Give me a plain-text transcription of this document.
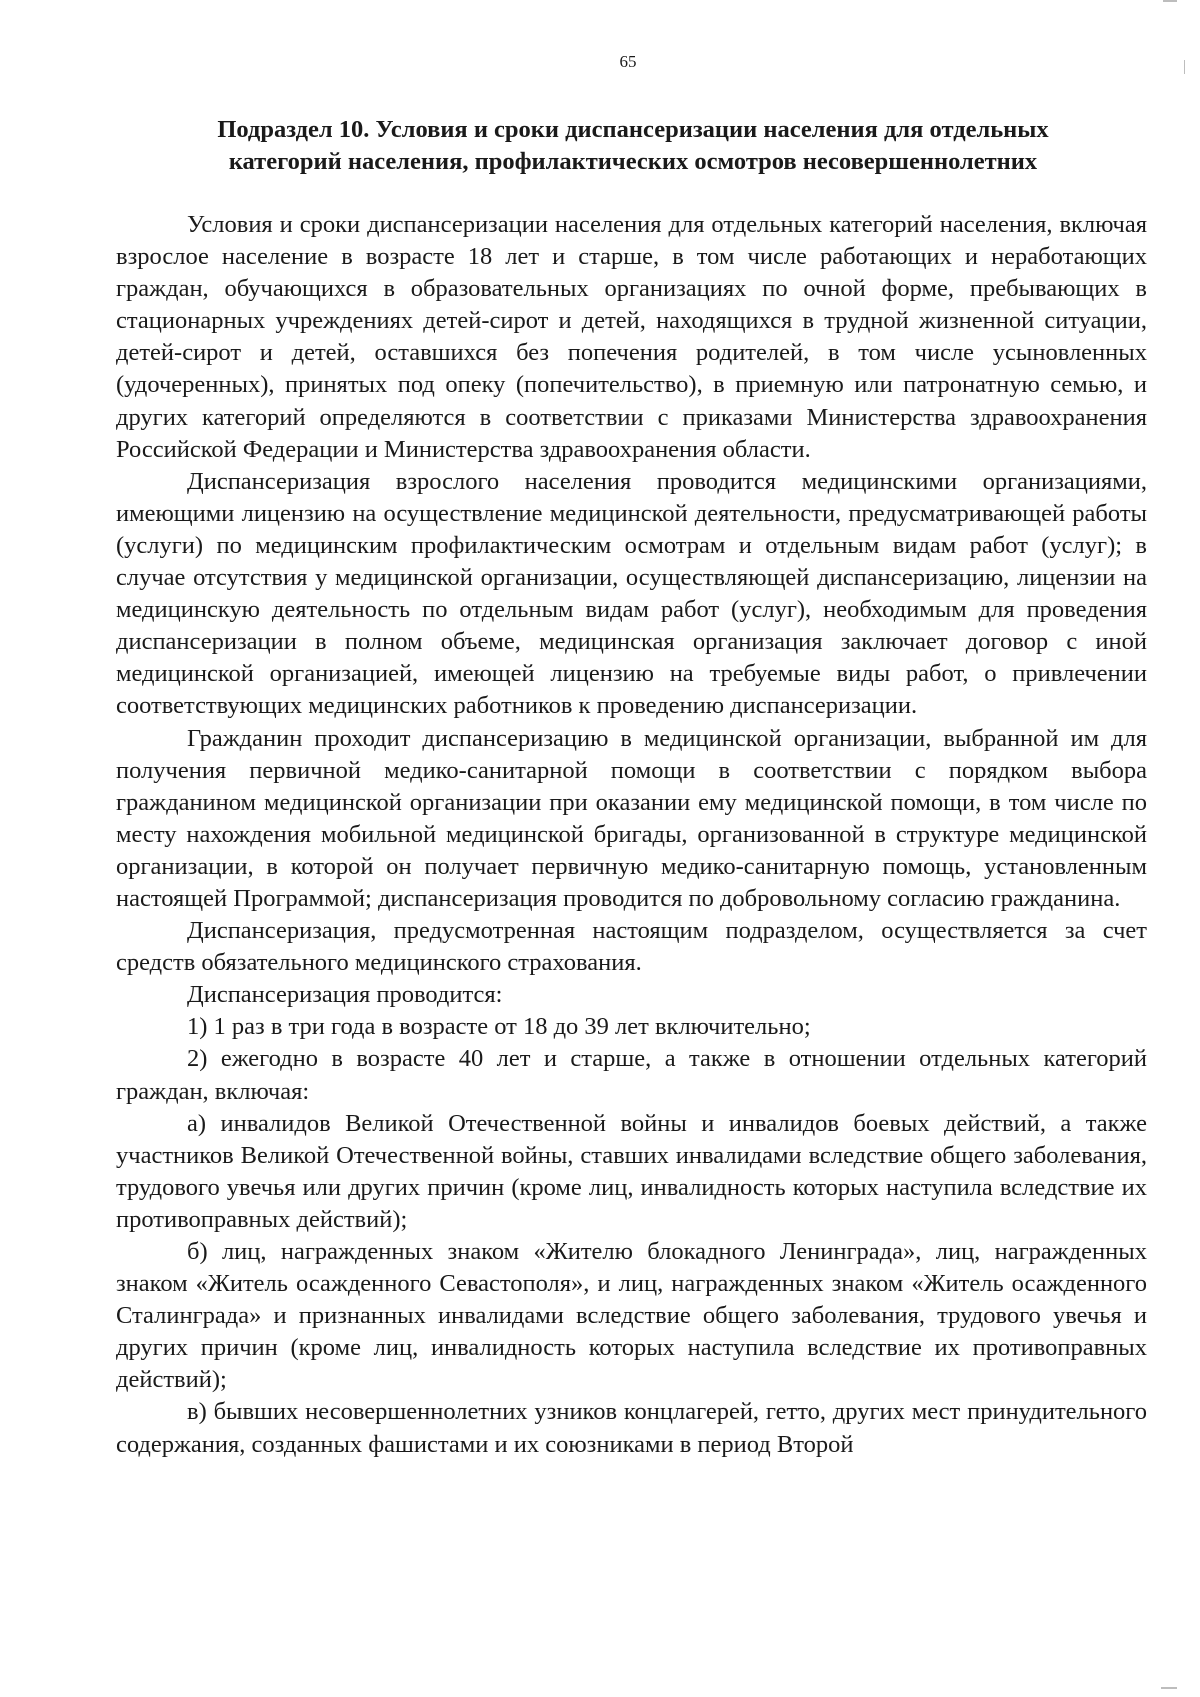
65
Подраздел 10. Условия и сроки диспансеризации населения для отдельных
категорий населения, профилактических осмотров несовершеннолетних

Условия и сроки диспансеризации населения для отдельных категорий населения, включая взрослое население в возрасте 18 лет и старше, в том числе работающих и неработающих граждан, обучающихся в образовательных организациях по очной форме, пребывающих в стационарных учреждениях детей-сирот и детей, находящихся в трудной жизненной ситуации, детей-сирот и детей, оставшихся без попечения родителей, в том числе усыновленных (удочеренных), принятых под опеку (попечительство), в приемную или патронатную семью, и других категорий определяются в соответствии с приказами Министерства здравоохранения Российской Федерации и Министерства здравоохранения области.

Диспансеризация взрослого населения проводится медицинскими организациями, имеющими лицензию на осуществление медицинской деятельности, предусматривающей работы (услуги) по медицинским профилактическим осмотрам и отдельным видам работ (услуг); в случае отсутствия у медицинской организации, осуществляющей диспансеризацию, лицензии на медицинскую деятельность по отдельным видам работ (услуг), необходимым для проведения диспансеризации в полном объеме, медицинская организация заключает договор с иной медицинской организацией, имеющей лицензию на требуемые виды работ, о привлечении соответствующих медицинских работников к проведению диспансеризации.

Гражданин проходит диспансеризацию в медицинской организации, выбранной им для получения первичной медико-санитарной помощи в соответствии с порядком выбора гражданином медицинской организации при оказании ему медицинской помощи, в том числе по месту нахождения мобильной медицинской бригады, организованной в структуре медицинской организации, в которой он получает первичную медико-санитарную помощь, установленным настоящей Программой; диспансеризация проводится по добровольному согласию гражданина.

Диспансеризация, предусмотренная настоящим подразделом, осуществляется за счет средств обязательного медицинского страхования.

Диспансеризация проводится:

1) 1 раз в три года в возрасте от 18 до 39 лет включительно;

2) ежегодно в возрасте 40 лет и старше, а также в отношении отдельных категорий граждан, включая:

а) инвалидов Великой Отечественной войны и инвалидов боевых действий, а также участников Великой Отечественной войны, ставших инвалидами вследствие общего заболевания, трудового увечья или других причин (кроме лиц, инвалидность которых наступила вследствие их противоправных действий);

б) лиц, награжденных знаком «Жителю блокадного Ленинграда», лиц, награжденных знаком «Житель осажденного Севастополя», и лиц, награжденных знаком «Житель осажденного Сталинграда» и признанных инвалидами вследствие общего заболевания, трудового увечья и других причин (кроме лиц, инвалидность которых наступила вследствие их противоправных действий);

в) бывших несовершеннолетних узников концлагерей, гетто, других мест принудительного содержания, созданных фашистами и их союзниками в период Второй
